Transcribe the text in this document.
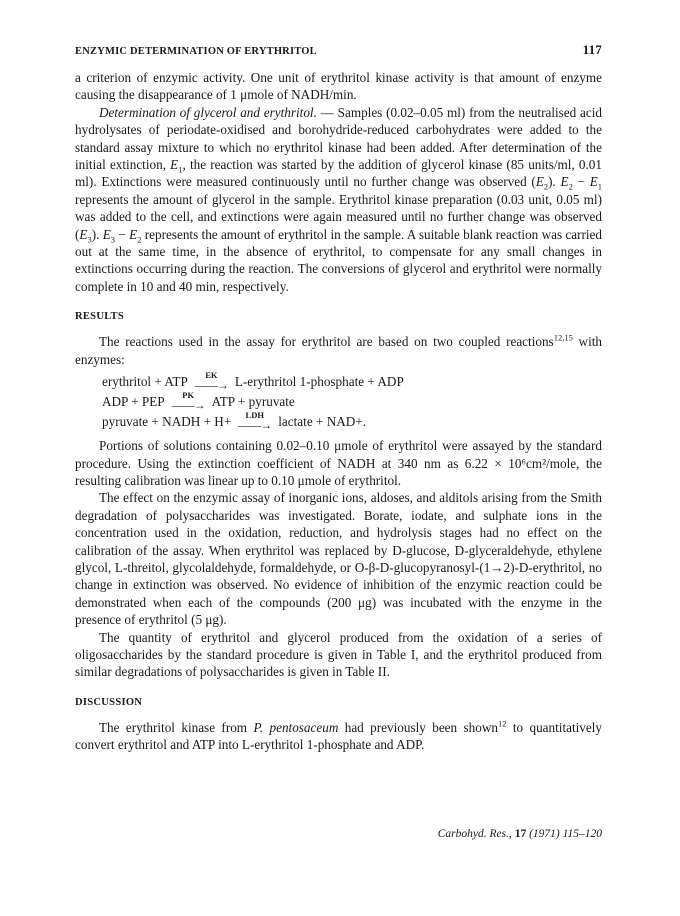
ENZYMIC DETERMINATION OF ERYTHRITOL	117

a criterion of enzymic activity. One unit of erythritol kinase activity is that amount of enzyme causing the disappearance of 1 μmole of NADH/min.

Determination of glycerol and erythritol. — Samples (0.02–0.05 ml) from the neutralised acid hydrolysates of periodate-oxidised and borohydride-reduced carbohydrates were added to the standard assay mixture to which no erythritol kinase had been added. After determination of the initial extinction, $E_1$, the reaction was started by the addition of glycerol kinase (85 units/ml, 0.01 ml). Extinctions were measured continuously until no further change was observed $(E_2)$. $E_2 - E_1$ represents the amount of glycerol in the sample. Erythritol kinase preparation (0.03 unit, 0.05 ml) was added to the cell, and extinctions were again measured until no further change was observed $(E_3)$. $E_3 - E_2$ represents the amount of erythritol in the sample. A suitable blank reaction was carried out at the same time, in the absence of erythritol, to compensate for any small changes in extinctions occurring during the reaction. The conversions of glycerol and erythritol were normally complete in 10 and 40 min, respectively.

RESULTS

The reactions used in the assay for erythritol are based on two coupled reactions$^{12,15}$ with enzymes:

erythritol + ATP EK
——→ L-erythritol 1-phosphate + ADP
ADP + PEP PK
——→ ATP + pyruvate
pyruvate + NADH + H+ LDH
——→ lactate + NAD+.

Portions of solutions containing 0.02–0.10 μmole of erythritol were assayed by the standard procedure. Using the extinction coefficient of NADH at 340 nm as 6.22 × 10⁶cm²/mole, the resulting calibration was linear up to 0.10 μmole of erythritol.

The effect on the enzymic assay of inorganic ions, aldoses, and alditols arising from the Smith degradation of polysaccharides was investigated. Borate, iodate, and sulphate ions in the concentration used in the oxidation, reduction, and hydrolysis stages had no effect on the calibration of the assay. When erythritol was replaced by D-glucose, D-glyceraldehyde, ethylene glycol, L-threitol, glycolaldehyde, formaldehyde, or O-β-D-glucopyranosyl-(1→2)-D-erythritol, no change in extinction was observed. No evidence of inhibition of the enzymic reaction could be demonstrated when each of the compounds (200 μg) was incubated with the enzyme in the presence of erythritol (5 μg).

The quantity of erythritol and glycerol produced from the oxidation of a series of oligosaccharides by the standard procedure is given in Table I, and the erythritol produced from similar degradations of polysaccharides is given in Table II.

DISCUSSION

The erythritol kinase from P. pentosaceum had previously been shown$^{12}$ to quantitatively convert erythritol and ATP into L-erythritol 1-phosphate and ADP.

Carbohyd. Res., 17 (1971) 115–120
